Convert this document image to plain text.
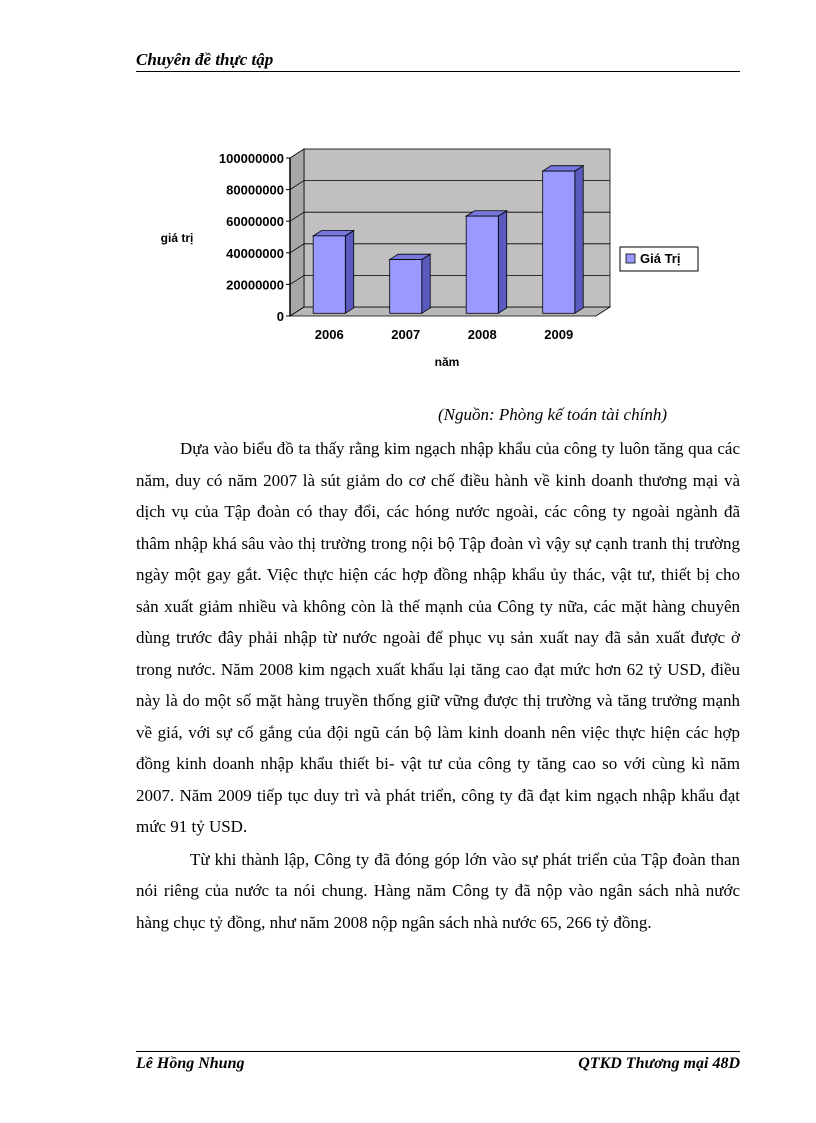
Chuyên đề thực tập
100000000
80000000
60000000
40000000
20000000
0
2006	2007	2008	2009
giá trị
năm
Giá Trị
(Nguồn: Phòng kế toán tài chính)

Dựa vào biểu đồ ta thấy rằng kim ngạch nhập khẩu của công ty luôn tăng qua các năm, duy có năm 2007 là sút giảm do cơ chế điều hành về kinh doanh thương mại và dịch vụ của Tập đoàn có thay đổi, các hóng nước ngoài, các công ty ngoài ngành đã thâm nhập khá sâu vào thị trường trong nội bộ Tập đoàn vì vậy sự cạnh tranh thị trường ngày một gay gắt. Việc thực hiện các hợp đồng nhập khẩu ủy thác, vật tư, thiết bị cho sản xuất giảm nhiều và không còn là thế mạnh của Công ty nữa, các mặt hàng chuyên dùng trước đây phải nhập từ nước ngoài để phục vụ sản xuất nay đã sản xuất được ở trong nước. Năm 2008 kim ngạch xuất khẩu lại tăng cao đạt mức hơn 62 tỷ USD, điều này là do một số mặt hàng truyền thống giữ vững được thị trường và tăng trưởng mạnh về giá, với sự cố gắng của đội ngũ cán bộ làm kinh doanh nên việc thực hiện các hợp đồng kinh doanh nhập khẩu thiết bi- vật tư của công ty tăng cao so với cùng kì năm 2007. Năm 2009 tiếp tục duy trì và phát triển, công ty đã đạt kim ngạch nhập khẩu đạt mức 91 tỷ USD.

Từ khi thành lập, Công ty đã đóng góp lớn vào sự phát triển của Tập đoàn than nói riêng của nước ta nói chung. Hàng năm Công ty đã nộp vào ngân sách nhà nước hàng chục tỷ đồng, như năm 2008 nộp ngân sách nhà nước 65, 266 tỷ đồng.

Lê Hồng Nhung	QTKD Thương mại 48D
